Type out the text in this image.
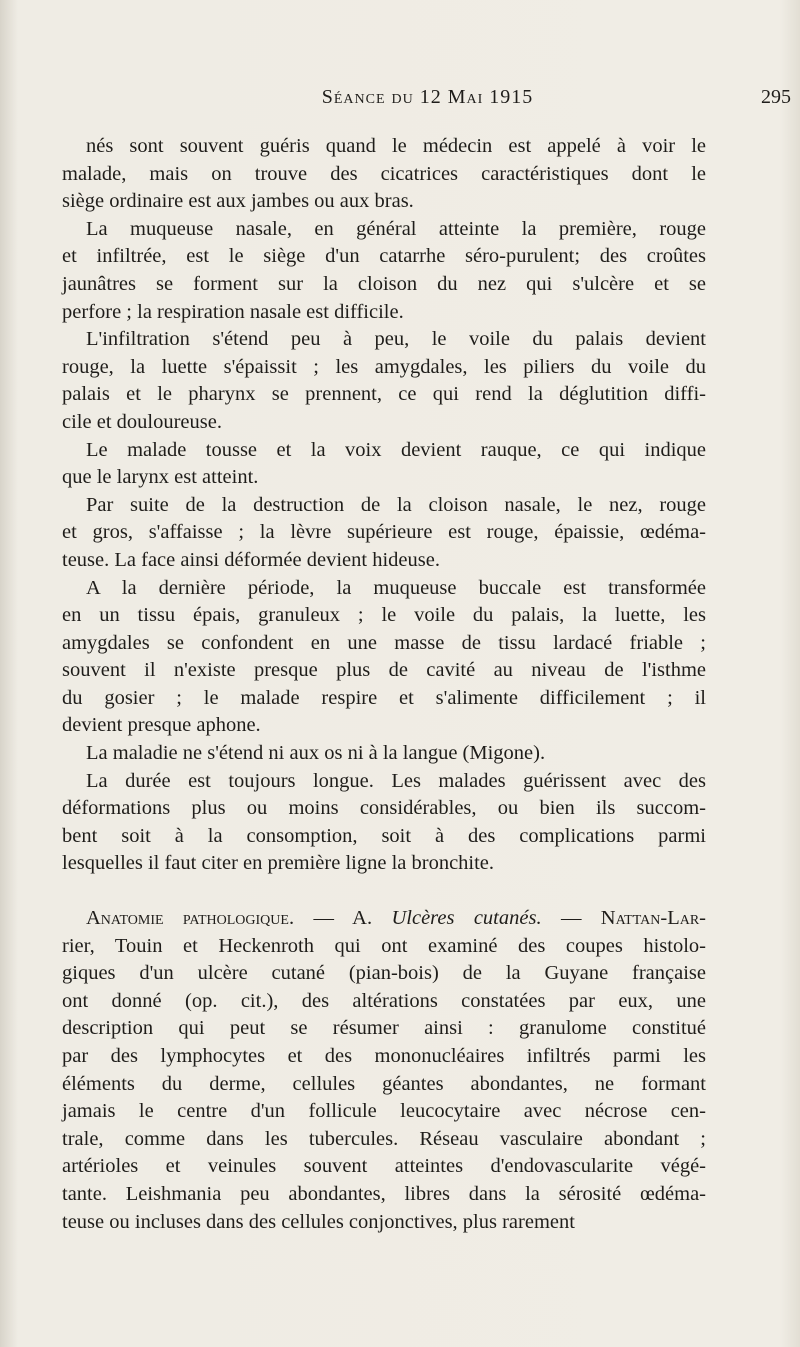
Séance du 12 Mai 1915	295

nés sont souvent guéris quand le médecin est appelé à voir le
malade, mais on trouve des cicatrices caractéristiques dont le
siège ordinaire est aux jambes ou aux bras.

La muqueuse nasale, en général atteinte la première, rouge
et infiltrée, est le siège d'un catarrhe séro-purulent; des croûtes
jaunâtres se forment sur la cloison du nez qui s'ulcère et se
perfore ; la respiration nasale est difficile.

L'infiltration s'étend peu à peu, le voile du palais devient
rouge, la luette s'épaissit ; les amygdales, les piliers du voile du
palais et le pharynx se prennent, ce qui rend la déglutition diffi-
cile et douloureuse.

Le malade tousse et la voix devient rauque, ce qui indique
que le larynx est atteint.

Par suite de la destruction de la cloison nasale, le nez, rouge
et gros, s'affaisse ; la lèvre supérieure est rouge, épaissie, œdéma-
teuse. La face ainsi déformée devient hideuse.

A la dernière période, la muqueuse buccale est transformée
en un tissu épais, granuleux ; le voile du palais, la luette, les
amygdales se confondent en une masse de tissu lardacé friable ;
souvent il n'existe presque plus de cavité au niveau de l'isthme
du gosier ; le malade respire et s'alimente difficilement ; il
devient presque aphone.

La maladie ne s'étend ni aux os ni à la langue (Migone).

La durée est toujours longue. Les malades guérissent avec des
déformations plus ou moins considérables, ou bien ils succom-
bent soit à la consomption, soit à des complications parmi
lesquelles il faut citer en première ligne la bronchite.

Anatomie pathologique. — A. Ulcères cutanés. — Nattan-Lar-
rier, Touin et Heckenroth qui ont examiné des coupes histolo-
giques d'un ulcère cutané (pian-bois) de la Guyane française
ont donné (op. cit.), des altérations constatées par eux, une
description qui peut se résumer ainsi : granulome constitué
par des lymphocytes et des mononucléaires infiltrés parmi les
éléments du derme, cellules géantes abondantes, ne formant
jamais le centre d'un follicule leucocytaire avec nécrose cen-
trale, comme dans les tubercules. Réseau vasculaire abondant ;
artérioles et veinules souvent atteintes d'endovascularite végé-
tante. Leishmania peu abondantes, libres dans la sérosité œdéma-
teuse ou incluses dans des cellules conjonctives, plus rarement
